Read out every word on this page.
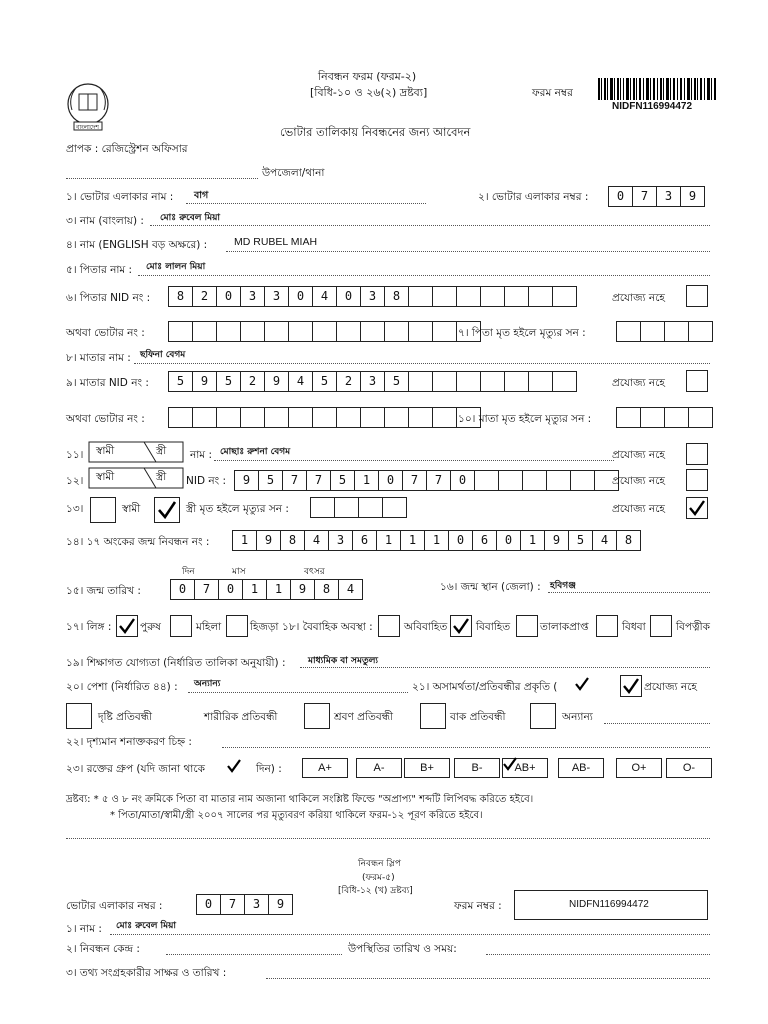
বাংলাদেশ
নিবন্ধন ফরম (ফরম-২)
[বিধি-১০ ও ২৬(২) দ্রষ্টব্য]	ফরম নম্বর
NIDFN116994472
ভোটার তালিকায় নিবন্ধনের জন্য আবেদন
প্রাপক : রেজিস্ট্রেশন অফিসার
উপজেলা/থানা
১। ভোটার এলাকার নাম : বাগ	২। ভোটার এলাকার নম্বর :	0	7	3	9
৩। নাম (বাংলায়) : মোঃ রুবেল মিয়া
৪। নাম (ENGLISH বড় অক্ষরে) :	MD RUBEL MIAH
৫। পিতার নাম : মোঃ লালন মিয়া
৬। পিতার NID নং :	8	2	0	3	3	0	4	0	3	8	প্রযোজ্য নহে
অথবা ভোটার নং :	৭। পিতা মৃত হইলে মৃত্যুর সন :
৮। মাতার নাম : ছফিনা বেগম
৯। মাতার NID নং :	5	9	5	2	9	4	5	2	3	5	প্রযোজ্য নহে
অথবা ভোটার নং :	১০। মাতা মৃত হইলে মৃত্যুর সন :
১১। স্বামী	স্ত্রী নাম : মোছাঃ রুশনা বেগম	প্রযোজ্য নহে
১২। স্বামী	স্ত্রী NID নং :	9	5	7	7	5	1	0	7	7	0	প্রযোজ্য নহে
১৩।	স্বামী	স্ত্রী মৃত হইলে মৃত্যুর সন :	প্রযোজ্য নহে
১৪। ১৭ অংকের জন্ম নিবন্ধন নং :	1	9	8	4	3	6	1	1	1	0	6	0	1	9	5	4	8
দিন	মাস	বৎসর
১৫। জন্ম তারিখ :	0	7	0	1	1	9	8	4	১৬। জন্ম স্থান (জেলা) : হবিগঞ্জ
১৭। লিঙ্গ :	পুরুষ	মহিলা	হিজড়া ১৮। বৈবাহিক অবস্থা :	অবিবাহিত	বিবাহিত	তালাকপ্রাপ্ত	বিধবা	বিপত্নীক
১৯। শিক্ষাগত যোগ্যতা (নির্ধারিত তালিকা অনুযায়ী) : মাধ্যমিক বা সমতুল্য
২০। পেশা (নির্ধারিত ৪৪) : অন্যান্য	২১। অসামর্থতা/প্রতিবন্ধীর প্রকৃতি (	প্রযোজ্য নহে
দৃষ্টি প্রতিবন্ধী	শারীরিক প্রতিবন্ধী	শ্রবণ প্রতিবন্ধী	বাক প্রতিবন্ধী	অন্যান্য
২২। দৃশ্যমান শনাক্তকরণ চিহ্ন :
২৩। রক্তের গ্রুপ (যদি জানা থাকে	দিন) :	A+	A-	B+	B-	AB+	AB-	O+	O-
দ্রষ্টব্য: * ৫ ও ৮ নং ক্রমিকে পিতা বা মাতার নাম অজানা থাকিলে সংশ্লিষ্ট ফিল্ডে "অপ্রাপ্য" শব্দটি লিপিবদ্ধ করিতে হইবে।
* পিতা/মাতা/স্বামী/স্ত্রী ২০০৭ সালের পর মৃত্যুবরণ করিয়া থাকিলে ফরম-১২ পূরণ করিতে হইবে।
নিবন্ধন স্লিপ
(ফরম-৫)
[বিধি-১২ (খ) দ্রষ্টব্য]
ভোটার এলাকার নম্বর :	0	7	3	9	ফরম নম্বর :	NIDFN116994472
১। নাম : মোঃ রুবেল মিয়া
২। নিবন্ধন কেন্দ্র :	উপস্থিতির তারিখ ও সময়:
৩। তথ্য সংগ্রহকারীর সাক্ষর ও তারিখ :
